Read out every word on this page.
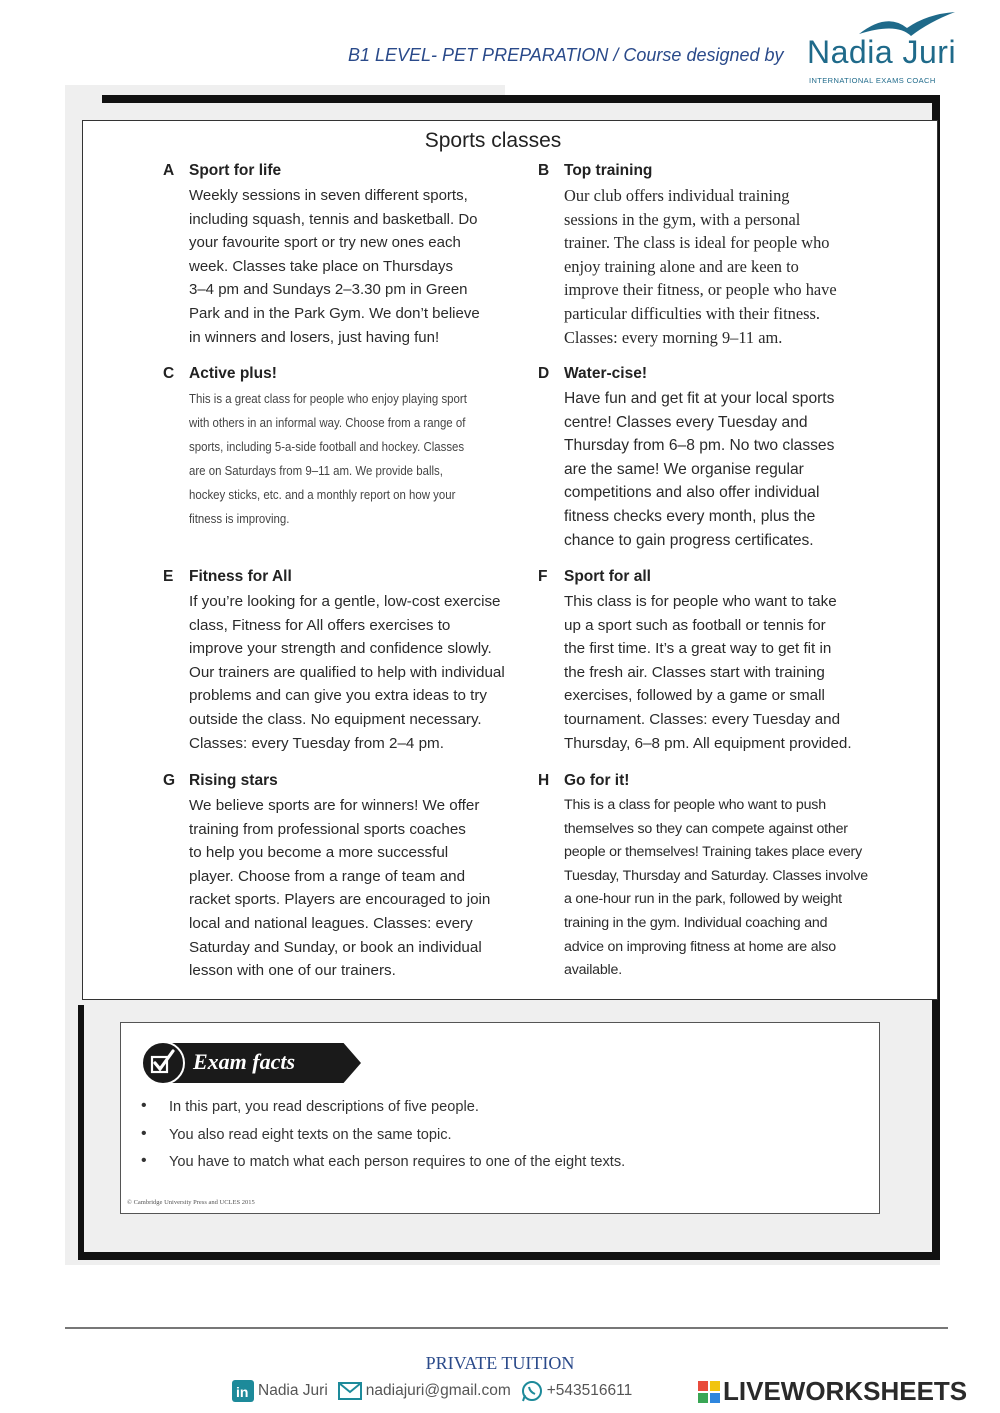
B1 LEVEL- PET PREPARATION / Course designed by Nadia Juri
INTERNATIONAL EXAMS COACH
Sports classes
A Sport for life
Weekly sessions in seven different sports,
including squash, tennis and basketball. Do
your favourite sport or try new ones each
week. Classes take place on Thursdays
3–4 pm and Sundays 2–3.30 pm in Green
Park and in the Park Gym. We don’t believe
in winners and losers, just having fun!
B Top training
Our club offers individual training
sessions in the gym, with a personal
trainer. The class is ideal for people who
enjoy training alone and are keen to
improve their fitness, or people who have
particular difficulties with their fitness.
Classes: every morning 9–11 am.
C Active plus!
This is a great class for people who enjoy playing sport
with others in an informal way. Choose from a range of
sports, including 5-a-side football and hockey. Classes
are on Saturdays from 9–11 am. We provide balls,
hockey sticks, etc. and a monthly report on how your
fitness is improving.
D Water-cise!
Have fun and get fit at your local sports
centre! Classes every Tuesday and
Thursday from 6–8 pm. No two classes
are the same! We organise regular
competitions and also offer individual
fitness checks every month, plus the
chance to gain progress certificates.
E Fitness for All
If you’re looking for a gentle, low-cost exercise
class, Fitness for All offers exercises to
improve your strength and confidence slowly.
Our trainers are qualified to help with individual
problems and can give you extra ideas to try
outside the class. No equipment necessary.
Classes: every Tuesday from 2–4 pm.
F Sport for all
This class is for people who want to take
up a sport such as football or tennis for
the first time. It’s a great way to get fit in
the fresh air. Classes start with training
exercises, followed by a game or small
tournament. Classes: every Tuesday and
Thursday, 6–8 pm. All equipment provided.
G Rising stars
We believe sports are for winners! We offer
training from professional sports coaches
to help you become a more successful
player. Choose from a range of team and
racket sports. Players are encouraged to join
local and national leagues. Classes: every
Saturday and Sunday, or book an individual
lesson with one of our trainers.
H Go for it!
This is a class for people who want to push
themselves so they can compete against other
people or themselves! Training takes place every
Tuesday, Thursday and Saturday. Classes involve
a one-hour run in the park, followed by weight
training in the gym. Individual coaching and
advice on improving fitness at home are also
available.
Exam facts
• In this part, you read descriptions of five people.
• You also read eight texts on the same topic.
• You have to match what each person requires to one of the eight texts.
© Cambridge University Press and UCLES 2015
PRIVATE TUITION
in Nadia Juri nadiajuri@gmail.com +543516611	LIVEWORKSHEETS
